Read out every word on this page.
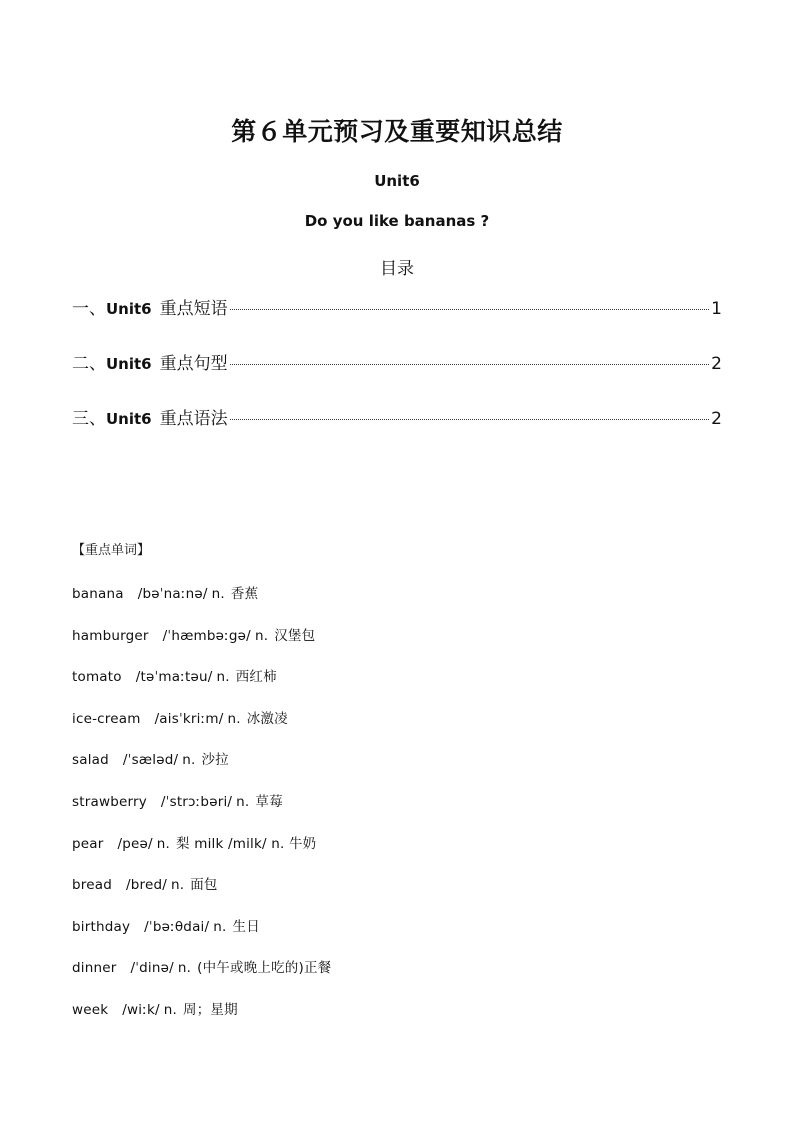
第６单元预习及重要知识总结
Unit6
Do you like bananas ?
目录
一、 Unit6 重点短语	1
二、 Unit6 重点句型	2
三、 Unit6 重点语法	2
【重点单词】
banana /bəˈnaːnə/ n. 香蕉
hamburger /ˈhæmbəːgə/ n. 汉堡包
tomato /təˈmaːtəu/ n. 西红柿
ice-cream /aisˈkriːm/ n. 冰激凌
salad /ˈsæləd/ n. 沙拉
strawberry /ˈstrɔːbəri/ n. 草莓
pear /peə/ n. 梨 milk /milk/ n. 牛奶
bread /bred/ n. 面包
birthday /ˈbəːθdai/ n. 生日
dinner /ˈdinə/ n. (中午或晚上吃的)正餐
week /wiːk/ n. 周；星期
